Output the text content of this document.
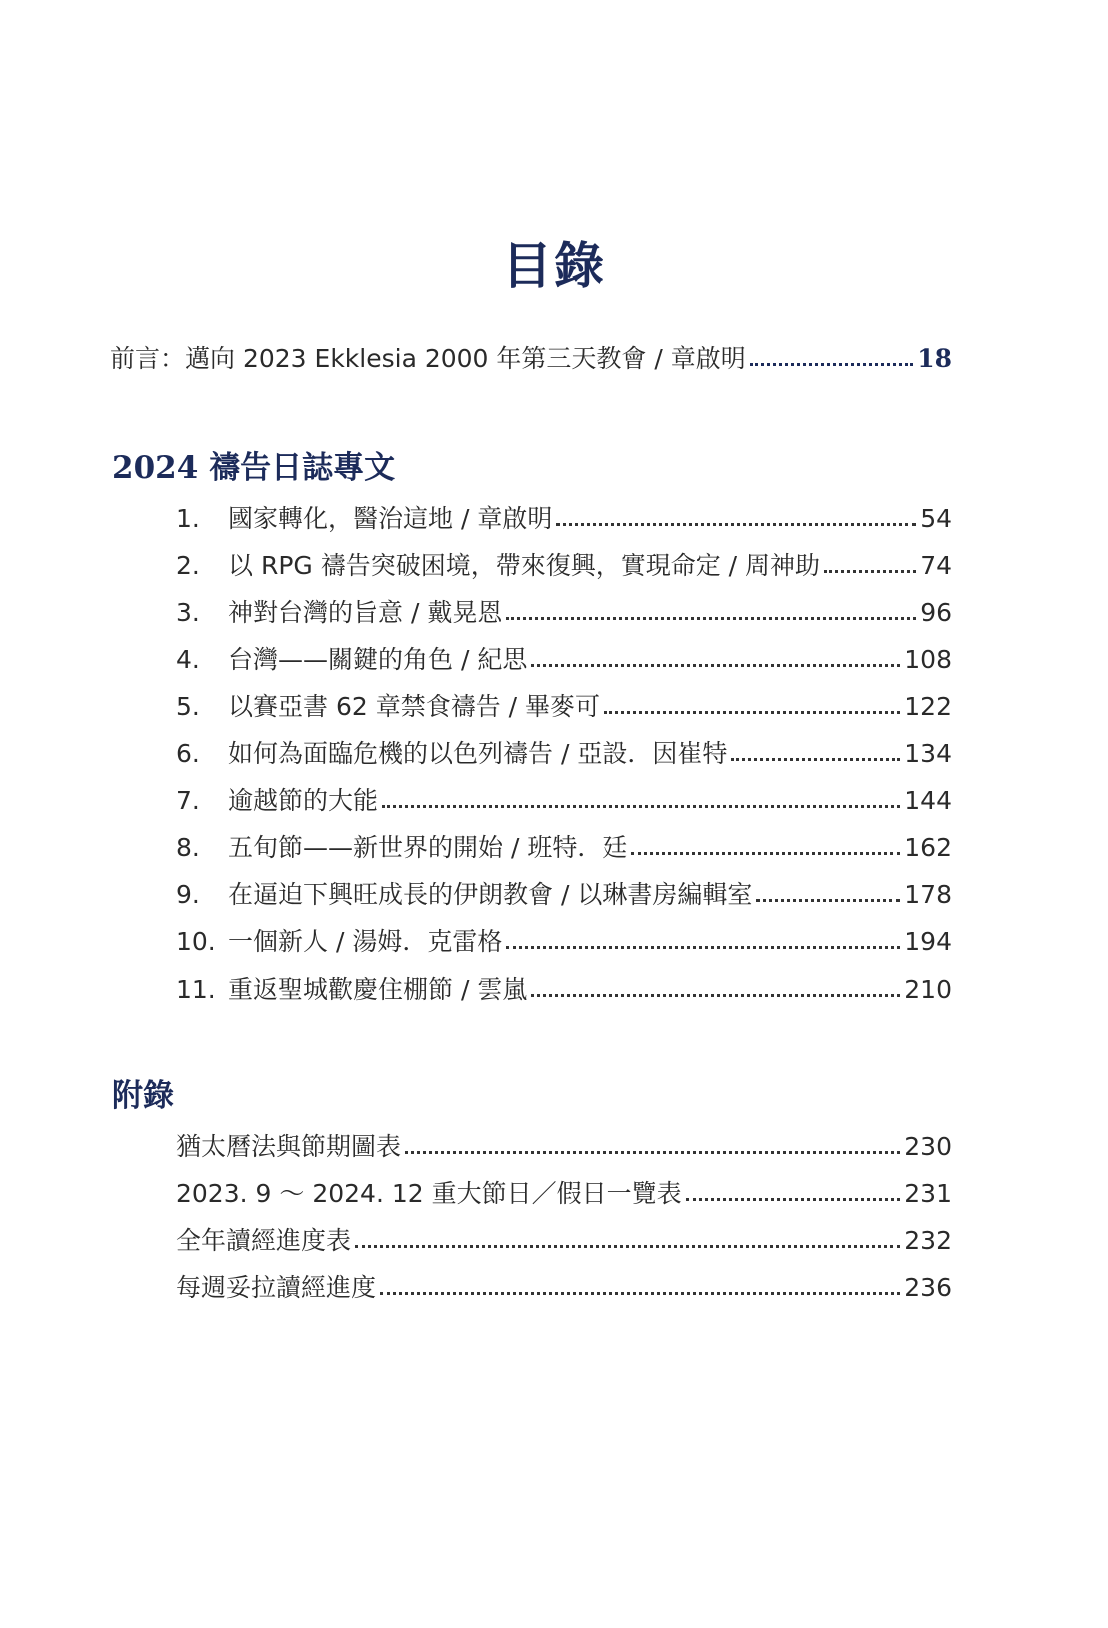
目錄
前言：邁向 2023 Ekklesia 2000 年第三天教會 / 章啟明	18
2024 禱告日誌專文
1.	國家轉化，醫治這地 / 章啟明	54
2.	以 RPG 禱告突破困境，帶來復興，實現命定 / 周神助	74
3.	神對台灣的旨意 / 戴晃恩	96
4.	台灣——關鍵的角色 / 紀思	108
5.	以賽亞書 62 章禁食禱告 / 畢麥可	122
6.	如何為面臨危機的以色列禱告 / 亞設．因崔特	134
7.	逾越節的大能	144
8.	五旬節——新世界的開始 / 班特．廷	162
9.	在逼迫下興旺成長的伊朗教會 / 以琳書房編輯室	178
10. 一個新人 / 湯姆．克雷格	194
11. 重返聖城歡慶住棚節 / 雲嵐	210
附錄
猶太曆法與節期圖表	230
2023. 9 ～ 2024. 12 重大節日／假日一覽表	231
全年讀經進度表	232
每週妥拉讀經進度	236
